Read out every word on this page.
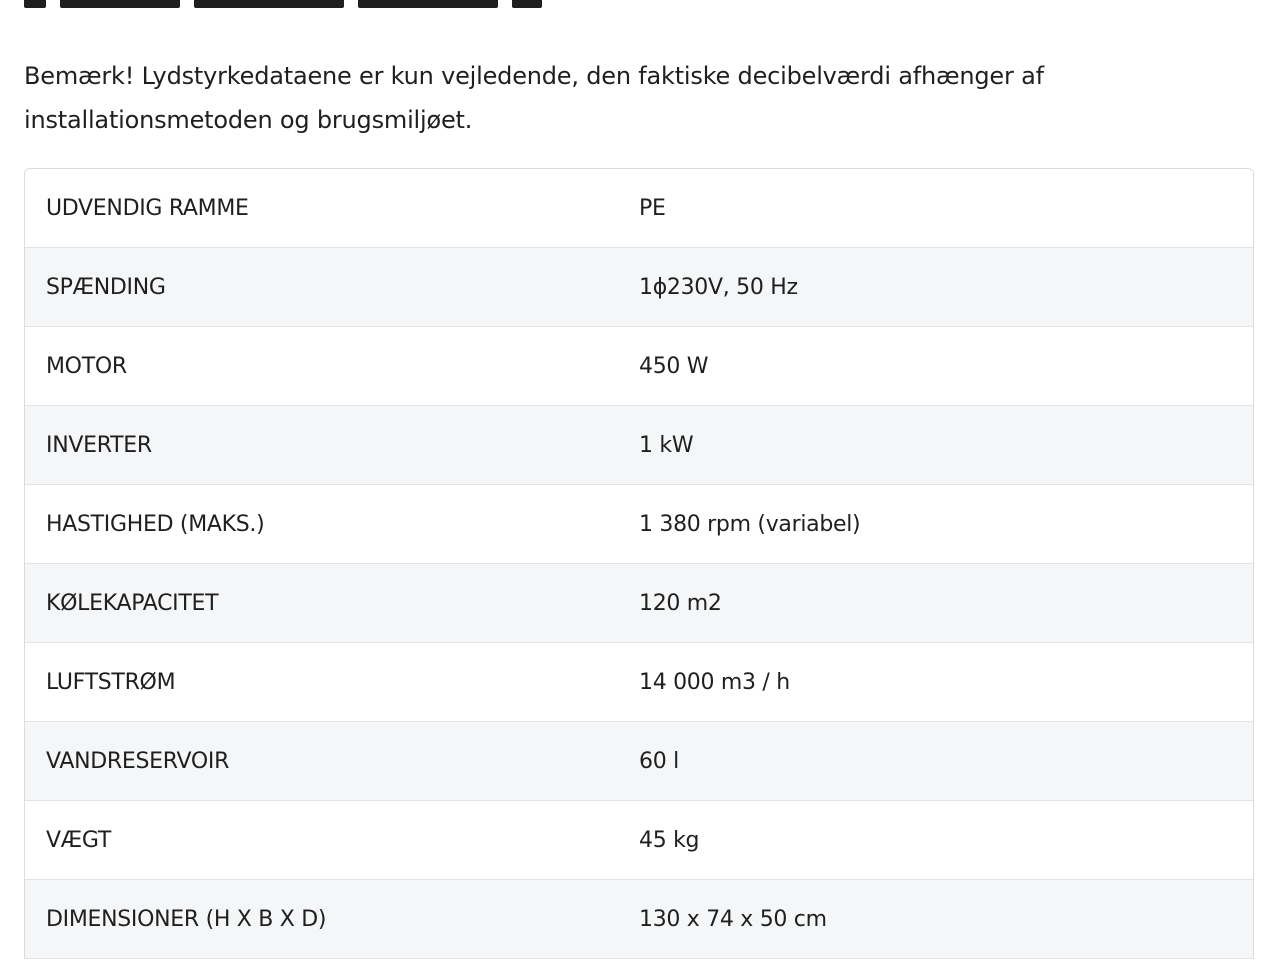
Bemærk! Lydstyrkedataene er kun vejledende, den faktiske decibelværdi afhænger af installationsmetoden og brugsmiljøet.

UDVENDIG RAMME	PE
SPÆNDING	1ɸ230V, 50 Hz
MOTOR	450 W
INVERTER	1 kW
HASTIGHED (MAKS.)	1 380 rpm (variabel)
KØLEKAPACITET	120 m2
LUFTSTRØM	14 000 m3 / h
VANDRESERVOIR	60 l
VÆGT	45 kg
DIMENSIONER (H X B X D)	130 x 74 x 50 cm
